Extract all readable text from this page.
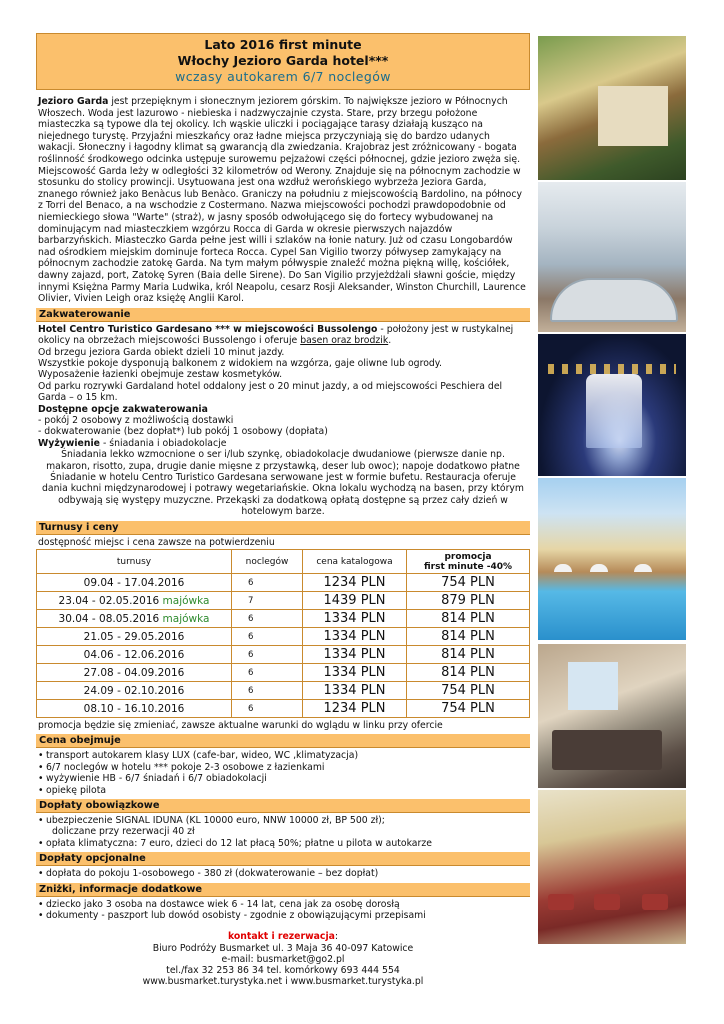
Lato 2016 first minute
Włochy Jezioro Garda hotel***
wczasy autokarem 6/7 noclegów
Jezioro Garda jest przepięknym i słonecznym jeziorem górskim. To największe jezioro w Północnych Włoszech. Woda jest lazurowo - niebieska i nadzwyczajnie czysta. Stare, przy brzegu położone miasteczka są typowe dla tej okolicy. Ich wąskie uliczki i pociągające tarasy działają kusząco na niejednego turystę. Przyjaźni mieszkańcy oraz ładne miejsca przyczyniają się do bardzo udanych wakacji. Słoneczny i łagodny klimat są gwarancją dla zwiedzania. Krajobraz jest zróżnicowany - bogata roślinność środkowego odcinka ustępuje surowemu pejzażowi części północnej, gdzie jezioro zwęża się. Miejscowość Garda leży w odległości 32 kilometrów od Werony. Znajduje się na północnym zachodzie w stosunku do stolicy prowincji. Usytuowana jest ona wzdłuż werońskiego wybrzeża Jeziora Garda, znanego również jako Benàcus lub Benàco. Graniczy na południu z miejscowością Bardolino, na północy z Torri del Benaco, a na wschodzie z Costermano. Nazwa miejscowości pochodzi prawdopodobnie od niemieckiego słowa "Warte" (straż), w jasny sposób odwołującego się do fortecy wybudowanej na dominującym nad miasteczkiem wzgórzu Rocca di Garda w okresie pierwszych najazdów barbarzyńskich. Miasteczko Garda pełne jest willi i szlaków na łonie natury. Już od czasu Longobardów nad ośrodkiem miejskim dominuje forteca Rocca. Cypel San Vigilio tworzy półwysep zamykający na północnym zachodzie zatokę Garda. Na tym małym półwyspie znaleźć można piękną willę, kościółek, dawny zajazd, port, Zatokę Syren (Baia delle Sirene). Do San Vigilio przyjeżdżali sławni goście, między innymi Księżna Parmy Maria Ludwika, król Neapolu, cesarz Rosji Aleksander, Winston Churchill, Laurence Olivier, Vivien Leigh oraz księżę Anglii Karol.
Zakwaterowanie
Hotel Centro Turistico Gardesano *** w miejscowości Bussolengo - położony jest w rustykalnej okolicy na obrzeżach miejscowości Bussolengo i oferuje basen oraz brodzik.
Od brzegu jeziora Garda obiekt dzieli 10 minut jazdy.
Wszystkie pokoje dysponują balkonem z widokiem na wzgórza, gaje oliwne lub ogrody.
Wyposażenie łazienki obejmuje zestaw kosmetyków.
Od parku rozrywki Gardaland hotel oddalony jest o 20 minut jazdy, a od miejscowości Peschiera del Garda – o 15 km.
Dostępne opcje zakwaterowania
- pokój 2 osobowy z możliwością dostawki
- dokwaterowanie (bez dopłat*) lub pokój 1 osobowy (dopłata)
Wyżywienie - śniadania i obiadokolacje
Śniadania lekko wzmocnione o ser i/lub szynkę, obiadokolacje dwudaniowe (pierwsze danie np. makaron, risotto, zupa, drugie danie mięsne z przystawką, deser lub owoc); napoje dodatkowo płatne Śniadanie w hotelu Centro Turistico Gardesana serwowane jest w formie bufetu. Restauracja oferuje dania kuchni międzynarodowej i potrawy wegetariańskie. Okna lokalu wychodzą na basen, przy którym odbywają się występy muzyczne. Przekąski za dodatkową opłatą dostępne są przez cały dzień w hotelowym barze.
Turnusy i ceny
dostępność miejsc i cena zawsze na potwierdzeniu
turnusy	noclegów	cena katalogowa	promocja
first minute -40%
09.04 - 17.04.2016	6	1234 PLN	754 PLN
23.04 - 02.05.2016 majówka	7	1439 PLN	879 PLN
30.04 - 08.05.2016 majówka	6	1334 PLN	814 PLN
21.05 - 29.05.2016	6	1334 PLN	814 PLN
04.06 - 12.06.2016	6	1334 PLN	814 PLN
27.08 - 04.09.2016	6	1334 PLN	814 PLN
24.09 - 02.10.2016	6	1334 PLN	754 PLN
08.10 - 16.10.2016	6	1234 PLN	754 PLN
promocja będzie się zmieniać, zawsze aktualne warunki do wglądu w linku przy ofercie
Cena obejmuje
• transport autokarem klasy LUX (cafe-bar, wideo, WC ,klimatyzacja)
• 6/7 noclegów w hotelu *** pokoje 2-3 osobowe z łazienkami
• wyżywienie HB - 6/7 śniadań i 6/7 obiadokolacji
• opiekę pilota
Dopłaty obowiązkowe
• ubezpieczenie SIGNAL IDUNA (KL 10000 euro, NNW 10000 zł, BP 500 zł);
doliczane przy rezerwacji 40 zł
• opłata klimatyczna: 7 euro, dzieci do 12 lat płacą 50%; płatne u pilota w autokarze
Dopłaty opcjonalne
• dopłata do pokoju 1-osobowego - 380 zł (dokwaterowanie – bez dopłat)
Zniżki, informacje dodatkowe
• dziecko jako 3 osoba na dostawce wiek 6 - 14 lat, cena jak za osobę dorosłą
• dokumenty - paszport lub dowód osobisty - zgodnie z obowiązującymi przepisami
kontakt i rezerwacja:
Biuro Podróży Busmarket ul. 3 Maja 36 40-097 Katowice
e-mail: busmarket@go2.pl
tel./fax 32 253 86 34 tel. komórkowy 693 444 554
www.busmarket.turystyka.net i www.busmarket.turystyka.pl
